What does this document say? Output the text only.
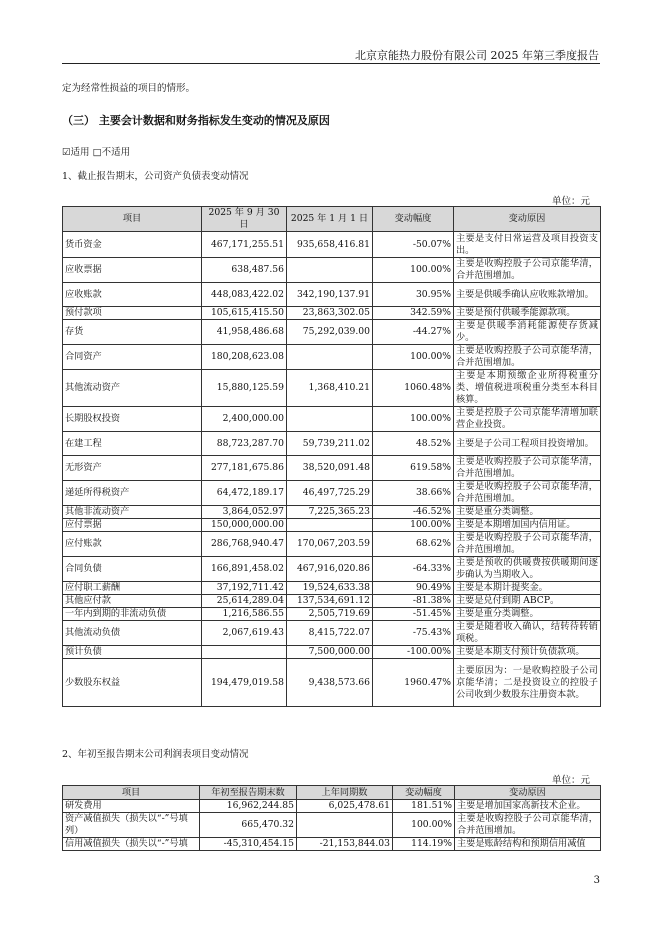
北京京能热力股份有限公司 2025 年第三季度报告
定为经常性损益的项目的情形。
（三） 主要会计数据和财务指标发生变动的情况及原因
☑适用 □不适用
1、截止报告期末，公司资产负债表变动情况
单位：元
项目	2025 年 9 月 30 日	2025 年 1 月 1 日	变动幅度	变动原因
货币资金	467,171,255.51	935,658,416.81	-50.07%	主要是支付日常运营及项目投资支出。
应收票据	638,487.56		100.00%	主要是收购控股子公司京能华清，合并范围增加。
应收账款	448,083,422.02	342,190,137.91	30.95%	主要是供暖季确认应收账款增加。
预付款项	105,615,415.50	23,863,302.05	342.59%	主要是预付供暖季能源款项。
存货	41,958,486.68	75,292,039.00	-44.27%	主要是供暖季消耗能源使存货减少。
合同资产	180,208,623.08		100.00%	主要是收购控股子公司京能华清，合并范围增加。
其他流动资产	15,880,125.59	1,368,410.21	1060.48%	主要是本期预缴企业所得税重分类、增值税进项税重分类至本科目核算。
长期股权投资	2,400,000.00		100.00%	主要是控股子公司京能华清增加联营企业投资。
在建工程	88,723,287.70	59,739,211.02	48.52%	主要是子公司工程项目投资增加。
无形资产	277,181,675.86	38,520,091.48	619.58%	主要是收购控股子公司京能华清，合并范围增加。
递延所得税资产	64,472,189.17	46,497,725.29	38.66%	主要是收购控股子公司京能华清，合并范围增加。
其他非流动资产	3,864,052.97	7,225,365.23	-46.52%	主要是重分类调整。
应付票据	150,000,000.00		100.00%	主要是本期增加国内信用证。
应付账款	286,768,940.47	170,067,203.59	68.62%	主要是收购控股子公司京能华清，合并范围增加。
合同负债	166,891,458.02	467,916,020.86	-64.33%	主要是预收的供暖费按供暖期间逐步确认为当期收入。
应付职工薪酬	37,192,711.42	19,524,633.38	90.49%	主要是本期计提奖金。
其他应付款	25,614,289.04	137,534,691.12	-81.38%	主要是兑付到期 ABCP。
一年内到期的非流动负债	1,216,586.55	2,505,719.69	-51.45%	主要是重分类调整。
其他流动负债	2,067,619.43	8,415,722.07	-75.43%	主要是随着收入确认，结转待转销项税。
预计负债		7,500,000.00	-100.00%	主要是本期支付预计负债款项。
少数股东权益	194,479,019.58	9,438,573.66	1960.47%	主要原因为：一是收购控股子公司京能华清；二是投资设立的控股子公司收到少数股东注册资本款。
2、年初至报告期末公司利润表项目变动情况
单位：元
项目	年初至报告期末数	上年同期数	变动幅度	变动原因
研发费用	16,962,244.85	6,025,478.61	181.51%	主要是增加国家高新技术企业。
资产减值损失（损失以“-”号填列）	665,470.32		100.00%	主要是收购控股子公司京能华清，合并范围增加。
信用减值损失（损失以“-”号填	-45,310,454.15	-21,153,844.03	114.19%	主要是账龄结构和预期信用减值
3
